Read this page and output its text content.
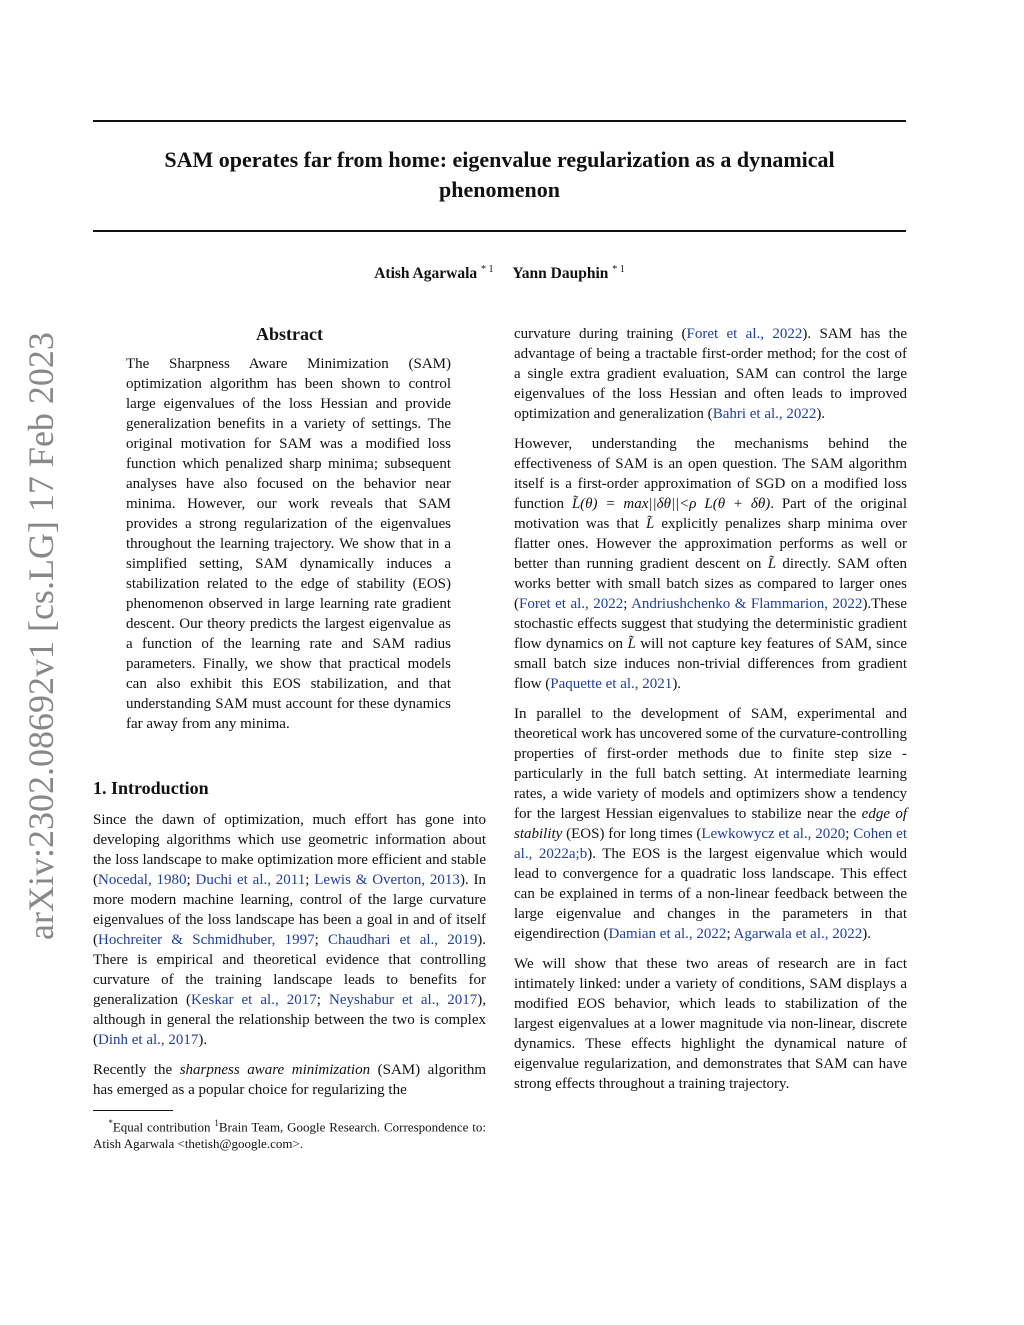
SAM operates far from home: eigenvalue regularization as a dynamical
phenomenon
Atish Agarwala $^{* 1}$ Yann Dauphin $^{* 1}$
arXiv:2302.08692v1 [cs.LG] 17 Feb 2023	Abstract
The Sharpness Aware Minimization (SAM) optimization algorithm has been shown to control large eigenvalues of the loss Hessian and provide generalization benefits in a variety of settings. The original motivation for SAM was a modified loss function which penalized sharp minima; subsequent analyses have also focused on the behavior near minima. However, our work reveals that SAM provides a strong regularization of the eigenvalues throughout the learning trajectory. We show that in a simplified setting, SAM dynamically induces a stabilization related to the edge of stability (EOS) phenomenon observed in large learning rate gradient descent. Our theory predicts the largest eigenvalue as a function of the learning rate and SAM radius parameters. Finally, we show that practical models can also exhibit this EOS stabilization, and that understanding SAM must account for these dynamics far away from any minima.
1. Introduction

Since the dawn of optimization, much effort has gone into developing algorithms which use geometric information about the loss landscape to make optimization more efficient and stable (Nocedal, 1980; Duchi et al., 2011; Lewis & Overton, 2013). In more modern machine learning, control of the large curvature eigenvalues of the loss landscape has been a goal in and of itself (Hochreiter & Schmidhuber, 1997; Chaudhari et al., 2019). There is empirical and theoretical evidence that controlling curvature of the training landscape leads to benefits for generalization (Keskar et al., 2017; Neyshabur et al., 2017), although in general the relationship between the two is complex (Dinh et al., 2017).

Recently the sharpness aware minimization (SAM) algorithm has emerged as a popular choice for regularizing the

*Equal contribution $^1$Brain Team, Google Research. Correspondence to: Atish Agarwala <thetish@google.com>.

curvature during training (Foret et al., 2022). SAM has the advantage of being a tractable first-order method; for the cost of a single extra gradient evaluation, SAM can control the large eigenvalues of the loss Hessian and often leads to improved optimization and generalization (Bahri et al., 2022).

However, understanding the mechanisms behind the effectiveness of SAM is an open question. The SAM algorithm itself is a first-order approximation of SGD on a modified loss function L̃(θ) = max||δθ||<ρ L(θ + δθ). Part of the original motivation was that L̃ explicitly penalizes sharp minima over flatter ones. However the approximation performs as well or better than running gradient descent on L̃ directly. SAM often works better with small batch sizes as compared to larger ones (Foret et al., 2022; Andriushchenko & Flammarion, 2022).These stochastic effects suggest that studying the deterministic gradient flow dynamics on L̃ will not capture key features of SAM, since small batch size induces non-trivial differences from gradient flow (Paquette et al., 2021).

In parallel to the development of SAM, experimental and theoretical work has uncovered some of the curvature-controlling properties of first-order methods due to finite step size - particularly in the full batch setting. At intermediate learning rates, a wide variety of models and optimizers show a tendency for the largest Hessian eigenvalues to stabilize near the edge of stability (EOS) for long times (Lewkowycz et al., 2020; Cohen et al., 2022a;b). The EOS is the largest eigenvalue which would lead to convergence for a quadratic loss landscape. This effect can be explained in terms of a non-linear feedback between the large eigenvalue and changes in the parameters in that eigendirection (Damian et al., 2022; Agarwala et al., 2022).

We will show that these two areas of research are in fact intimately linked: under a variety of conditions, SAM displays a modified EOS behavior, which leads to stabilization of the largest eigenvalues at a lower magnitude via non-linear, discrete dynamics. These effects highlight the dynamical nature of eigenvalue regularization, and demonstrates that SAM can have strong effects throughout a training trajectory.
